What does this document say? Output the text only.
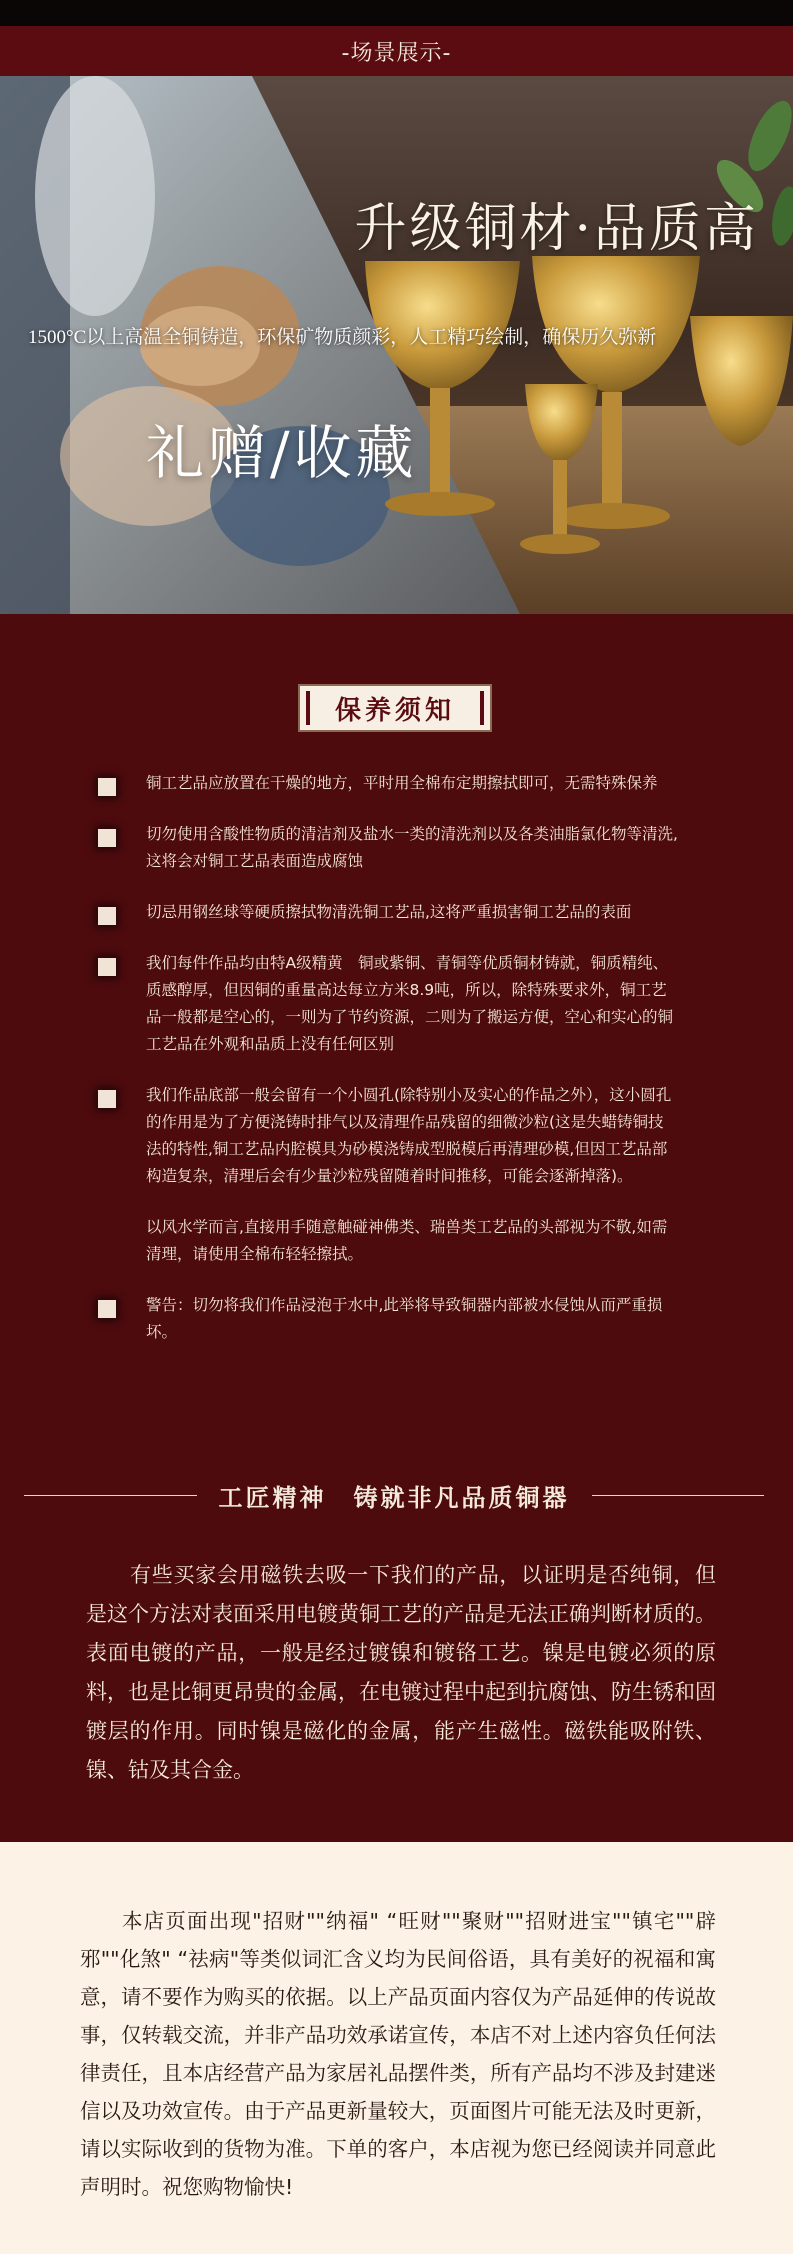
-场景展示-
升级铜材·品质高
1500°C以上高温全铜铸造，环保矿物质颜彩，人工精巧绘制，确保历久弥新
礼赠/收藏
保养须知

铜工艺品应放置在干燥的地方，平时用全棉布定期擦拭即可，无需特殊保养

切勿使用含酸性物质的清洁剂及盐水一类的清洗剂以及各类油脂氯化物等清洗,这将会对铜工艺品表面造成腐蚀

切忌用钢丝球等硬质擦拭物清洗铜工艺品,这将严重损害铜工艺品的表面

我们每件作品均由特A级精黄　铜或紫铜、青铜等优质铜材铸就，铜质精纯、质感醇厚，但因铜的重量高达每立方米8.9吨，所以，除特殊要求外，铜工艺品一般都是空心的，一则为了节约资源，二则为了搬运方便，空心和实心的铜工艺品在外观和品质上没有任何区别

我们作品底部一般会留有一个小圆孔(除特别小及实心的作品之外），这小圆孔的作用是为了方便浇铸时排气以及清理作品残留的细微沙粒(这是失蜡铸铜技法的特性,铜工艺品内腔模具为砂模浇铸成型脱模后再清理砂模,但因工艺品部构造复杂，清理后会有少量沙粒残留随着时间推移，可能会逐渐掉落)。

以风水学而言,直接用手随意触碰神佛类、瑞兽类工艺品的头部视为不敬,如需清理，请使用全棉布轻轻擦拭。

警告：切勿将我们作品浸泡于水中,此举将导致铜器内部被水侵蚀从而严重损坏。

工匠精神　铸就非凡品质铜器

有些买家会用磁铁去吸一下我们的产品，以证明是否纯铜，但是这个方法对表面采用电镀黄铜工艺的产品是无法正确判断材质的。表面电镀的产品，一般是经过镀镍和镀铬工艺。镍是电镀必须的原料，也是比铜更昂贵的金属，在电镀过程中起到抗腐蚀、防生锈和固镀层的作用。同时镍是磁化的金属，能产生磁性。磁铁能吸附铁、镍、钴及其合金。

本店页面出现"招财""纳福" “旺财""聚财""招财进宝""镇宅""辟邪""化煞" “祛病"等类似词汇含义均为民间俗语，具有美好的祝福和寓意，请不要作为购买的依据。以上产品页面内容仅为产品延伸的传说故事，仅转载交流，并非产品功效承诺宣传，本店不对上述内容负任何法律责任，且本店经营产品为家居礼品摆件类，所有产品均不涉及封建迷信以及功效宣传。由于产品更新量较大，页面图片可能无法及时更新，请以实际收到的货物为准。下单的客户，本店视为您已经阅读并同意此声明时。祝您购物愉快!
